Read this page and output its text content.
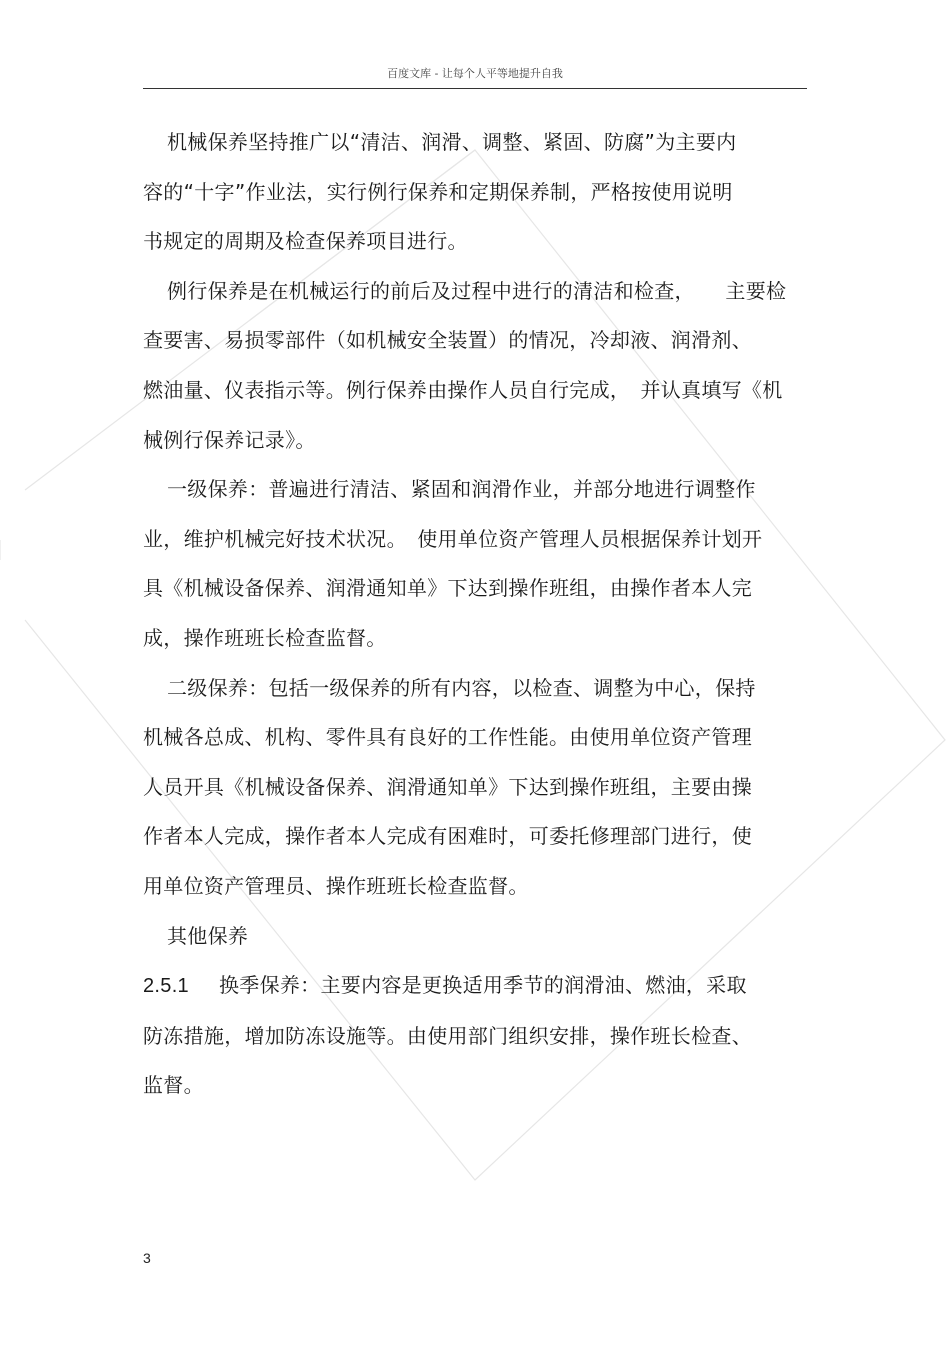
百度文库 - 让每个人平等地提升自我

机械保养坚持推广以“清洁、润滑、调整、紧固、防腐”为主要内
容的“十字”作业法，实行例行保养和定期保养制，严格按使用说明
书规定的周期及检查保养项目进行。

例行保养是在机械运行的前后及过程中进行的清洁和检查，　　主要检
查要害、易损零部件（如机械安全装置）的情况，冷却液、润滑剂、
燃油量、仪表指示等。例行保养由操作人员自行完成，　并认真填写《机
械例行保养记录》。

一级保养：普遍进行清洁、紧固和润滑作业，并部分地进行调整作
业，维护机械完好技术状况。　使用单位资产管理人员根据保养计划开
具《机械设备保养、润滑通知单》下达到操作班组，由操作者本人完
成，操作班班长检查监督。

二级保养：包括一级保养的所有内容，以检查、调整为中心，保持
机械各总成、机构、零件具有良好的工作性能。由使用单位资产管理
人员开具《机械设备保养、润滑通知单》下达到操作班组，主要由操
作者本人完成，操作者本人完成有困难时，可委托修理部门进行，使
用单位资产管理员、操作班班长检查监督。

其他保养

2.5.1 换季保养：主要内容是更换适用季节的润滑油、燃油，采取
防冻措施，增加防冻设施等。由使用部门组织安排，操作班长检查、
监督。

3
